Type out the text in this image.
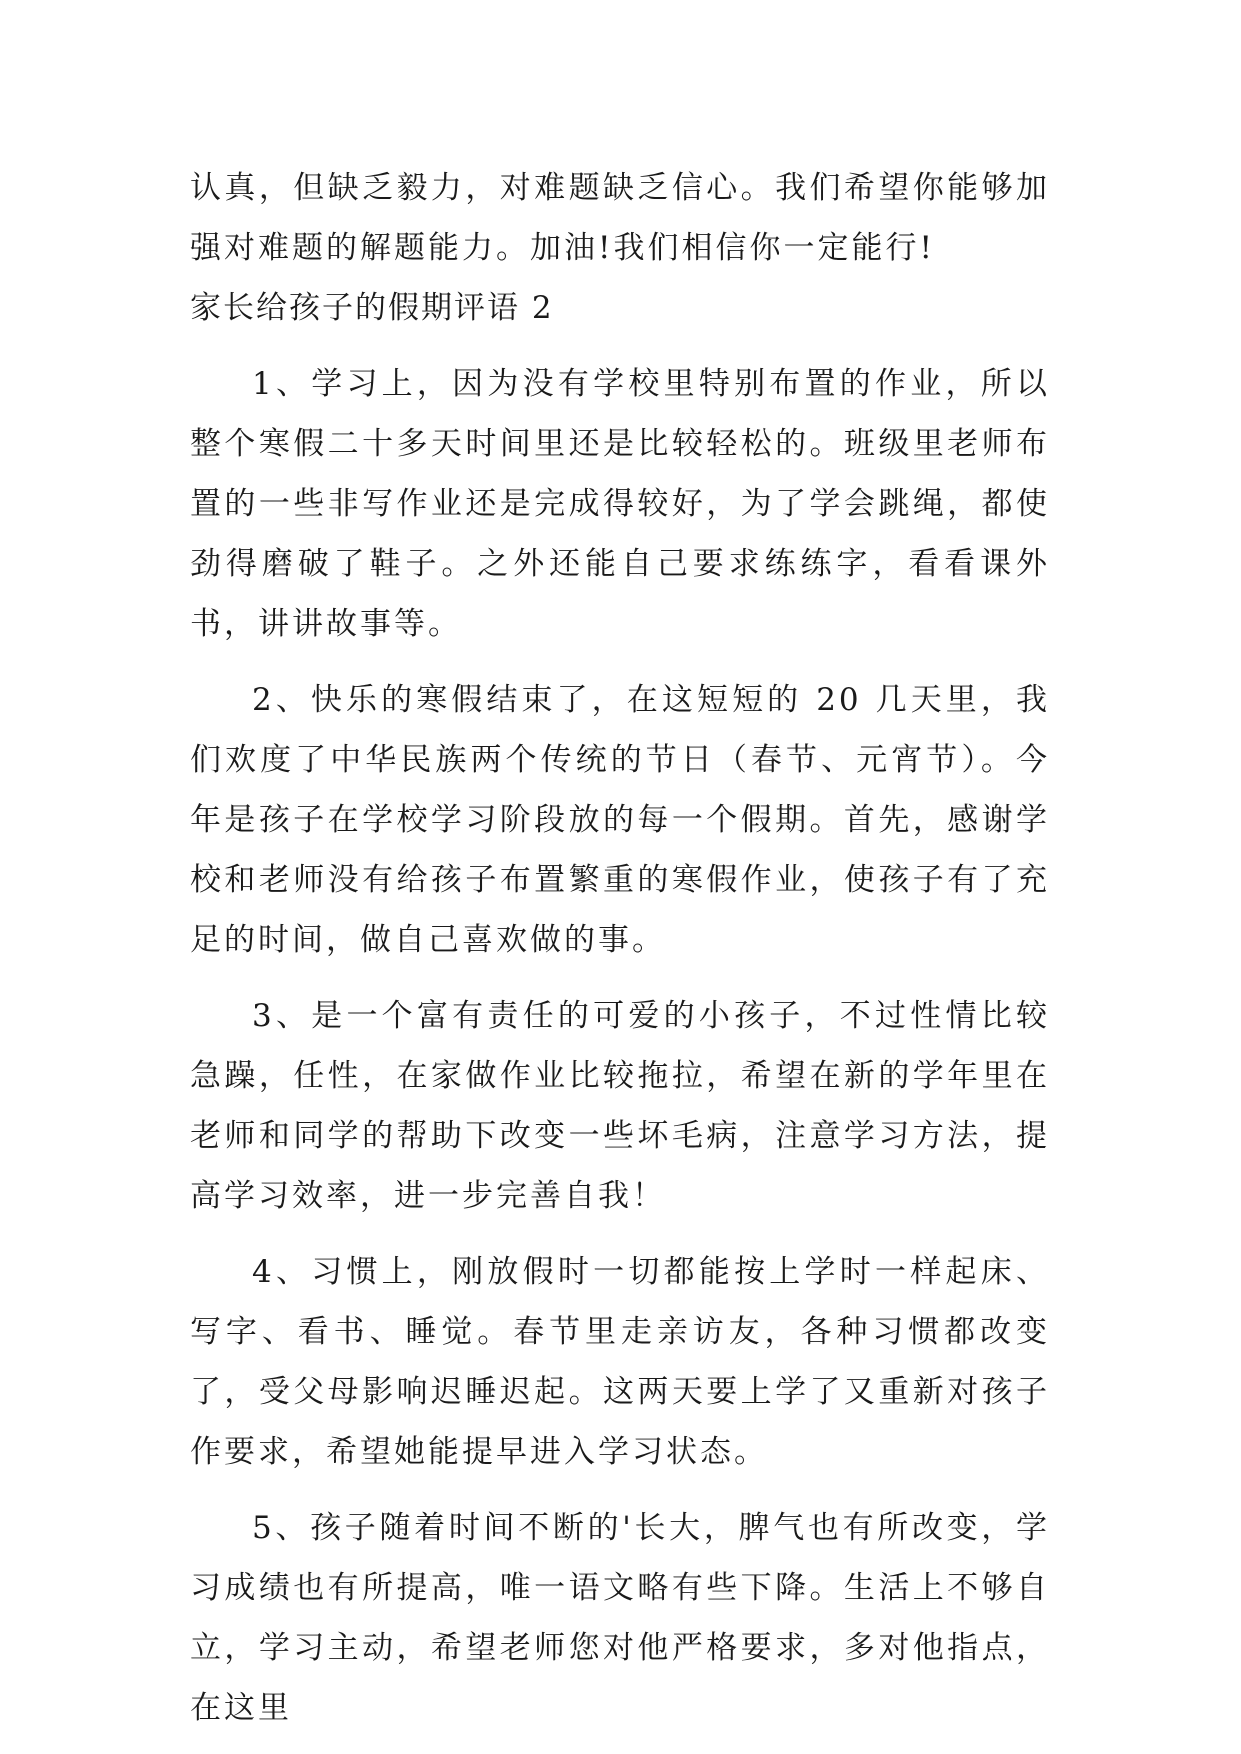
认真，但缺乏毅力，对难题缺乏信心。我们希望你能够加强对难题的解题能力。加油!我们相信你一定能行!

家长给孩子的假期评语 2

1、学习上，因为没有学校里特别布置的作业，所以整个寒假二十多天时间里还是比较轻松的。班级里老师布置的一些非写作业还是完成得较好，为了学会跳绳，都使劲得磨破了鞋子。之外还能自己要求练练字，看看课外书，讲讲故事等。

2、快乐的寒假结束了，在这短短的 20 几天里，我们欢度了中华民族两个传统的节日（春节、元宵节）。今年是孩子在学校学习阶段放的每一个假期。首先，感谢学校和老师没有给孩子布置繁重的寒假作业，使孩子有了充足的时间，做自己喜欢做的事。

3、是一个富有责任的可爱的小孩子，不过性情比较急躁，任性，在家做作业比较拖拉，希望在新的学年里在老师和同学的帮助下改变一些坏毛病，注意学习方法，提高学习效率，进一步完善自我！

4、习惯上，刚放假时一切都能按上学时一样起床、写字、看书、睡觉。春节里走亲访友，各种习惯都改变了，受父母影响迟睡迟起。这两天要上学了又重新对孩子作要求，希望她能提早进入学习状态。

5、孩子随着时间不断的'长大，脾气也有所改变，学习成绩也有所提高，唯一语文略有些下降。生活上不够自立，学习主动，希望老师您对他严格要求，多对他指点，在这里
